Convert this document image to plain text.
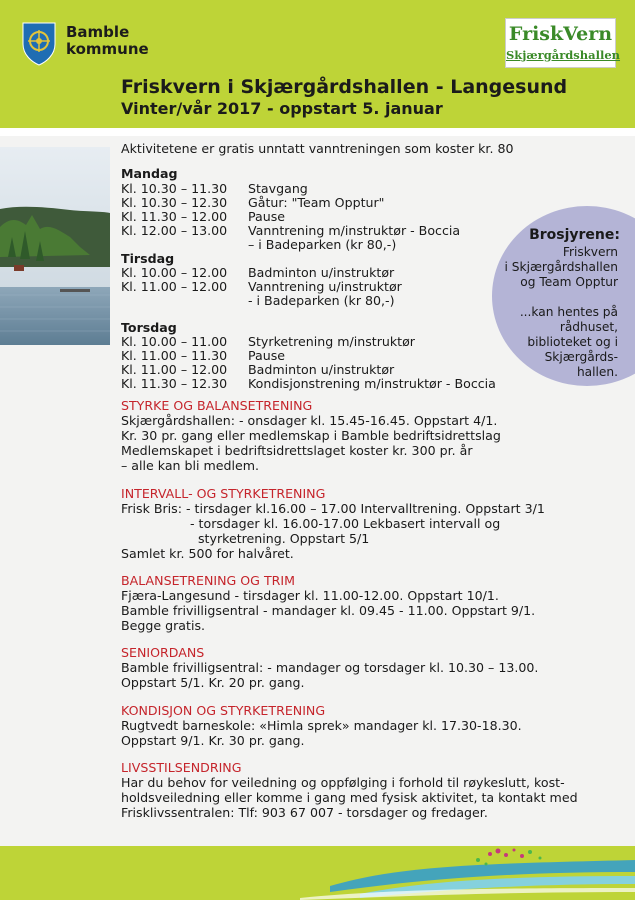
Bamble
kommune
FriskVern
Skjærgårdshallen
Friskvern i Skjærgårdshallen - Langesund
Vinter/vår 2017 - oppstart 5. januar
Aktivitetene er gratis unntatt vanntreningen som koster kr. 80
Mandag
Kl. 10.30 – 11.30 Stavgang
Kl. 10.30 – 12.30 Gåtur: "Team Opptur"
Kl. 11.30 – 12.00 Pause
Kl. 12.00 – 13.00 Vanntrening m/instruktør - Boccia
– i Badeparken (kr 80,-)
Tirsdag
Kl. 10.00 – 12.00 Badminton u/instruktør
Kl. 11.00 – 12.00 Vanntrening u/instruktør
- i Badeparken (kr 80,-)
Torsdag
Kl. 10.00 – 11.00 Styrketrening m/instruktør
Kl. 11.00 – 11.30 Pause
Kl. 11.00 – 12.00 Badminton u/instruktør
Kl. 11.30 – 12.30 Kondisjonstrening m/instruktør - Boccia
Brosjyrene:
Friskvern
i Skjærgårdshallen
og Team Opptur
...kan hentes på
rådhuset,
biblioteket og i
Skjærgårds-
hallen.
STYRKE OG BALANSETRENING
Skjærgårdshallen: - onsdager kl. 15.45-16.45. Oppstart 4/1.
Kr. 30 pr. gang eller medlemskap i Bamble bedriftsidrettslag
Medlemskapet i bedriftsidrettslaget koster kr. 300 pr. år
– alle kan bli medlem.
INTERVALL- OG STYRKETRENING
Frisk Bris: - tirsdager kl.16.00 – 17.00 Intervalltrening. Oppstart 3/1
- torsdager kl. 16.00-17.00 Lekbasert intervall og
styrketrening. Oppstart 5/1
Samlet kr. 500 for halvåret.
BALANSETRENING OG TRIM
Fjæra-Langesund - tirsdager kl. 11.00-12.00. Oppstart 10/1.
Bamble frivilligsentral - mandager kl. 09.45 - 11.00. Oppstart 9/1.
Begge gratis.
SENIORDANS
Bamble frivilligsentral: - mandager og torsdager kl. 10.30 – 13.00.
Oppstart 5/1. Kr. 20 pr. gang.
KONDISJON OG STYRKETRENING
Rugtvedt barneskole: «Himla sprek» mandager kl. 17.30-18.30.
Oppstart 9/1. Kr. 30 pr. gang.
LIVSSTILSENDRING
Har du behov for veiledning og oppfølging i forhold til røykeslutt, kost-
holdsveiledning eller komme i gang med fysisk aktivitet, ta kontakt med
Frisklivssentralen: Tlf: 903 67 007 - torsdager og fredager.
